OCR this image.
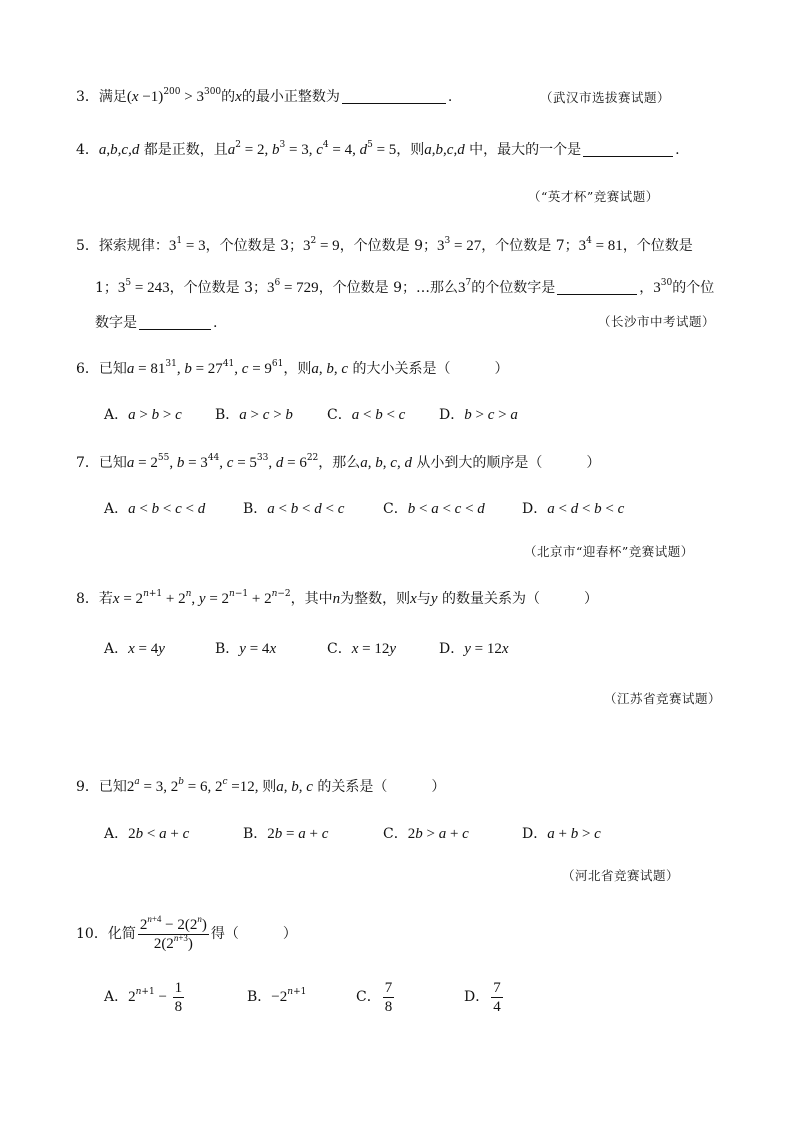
3．满足$(x -1)^{200} > 3^{300}$的x的最小正整数为	.	（武汉市选拔赛试题）
4．a,b,c,d 都是正数，且$a^2 = 2$, $b^3 = 3$, $c^4 = 4$, $d^5 = 5$，则a,b,c,d 中，最大的一个是	.
（“英才杯”竞赛试题）
5．探索规律：$3^1 = 3$，个位数是 3；$3^2 = 9$，个位数是 9；$3^3 = 27$，个位数是 7；$3^4 = 81$，个位数是
1；$3^5 = 243$，个位数是 3；$3^6 = 729$，个位数是 9；…那么$3^7$的个位数字是	，$3^{30}$的个位
数字是	.	（长沙市中考试题）
6．已知$a = 81^{31}$, $b = 27^{41}$, $c = 9^{61}$，则a, b, c 的大小关系是（	）
A．a > b > c B．a > c > b C．a < b < c D．b > c > a
7．已知$a = 2^{55}$, $b = 3^{44}$, $c = 5^{33}$, $d = 6^{22}$，那么a, b, c, d 从小到大的顺序是（	）
A．a < b < c < d	B．a < b < d < c	C．b < a < c < d	D．a < d < b < c
（北京市“迎春杯”竞赛试题）
8．若$x = 2^{n+1} + 2^n$, $y = 2^{n-1} + 2^{n-2}$，其中n为整数，则x与y 的数量关系为（	）
A．x = 4y	B．y = 4x	C．x = 12y	D．y = 12x
（江苏省竞赛试题）
9．已知$2^a = 3$, $2^b = 6$, $2^c =12$, 则a, b, c 的关系是（	）
A．2b < a + c	B．2b = a + c	C．2b > a + c	D．a + b > c
（河北省竞赛试题）
10．化简 $\frac{2^{n+4} - 2(2^n)}{2(2^{n+3})}$ 得（	）
A．$2^{n+1} - \frac{1}{8}$	B．$-2^{n+1}$	C． $\frac{7}{8}$	D． $\frac{7}{4}$
